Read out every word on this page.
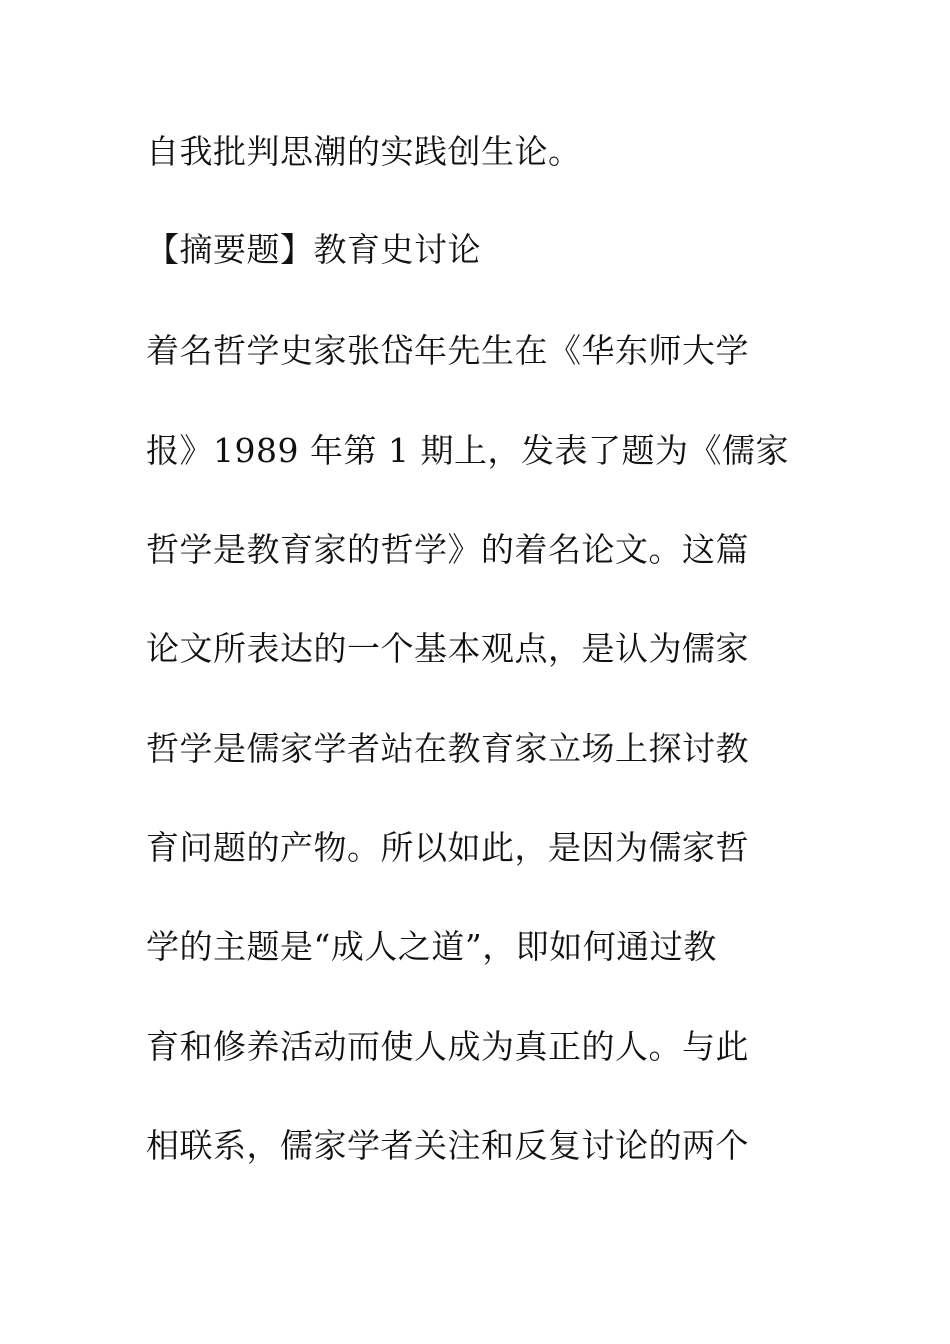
自我批判思潮的实践创生论。
【摘要题】教育史讨论
着名哲学史家张岱年先生在《华东师大学
报》1989 年第 1 期上，发表了题为《儒家
哲学是教育家的哲学》的着名论文。这篇
论文所表达的一个基本观点，是认为儒家
哲学是儒家学者站在教育家立场上探讨教
育问题的产物。所以如此，是因为儒家哲
学的主题是“成人之道”，即如何通过教
育和修养活动而使人成为真正的人。与此
相联系，儒家学者关注和反复讨论的两个
